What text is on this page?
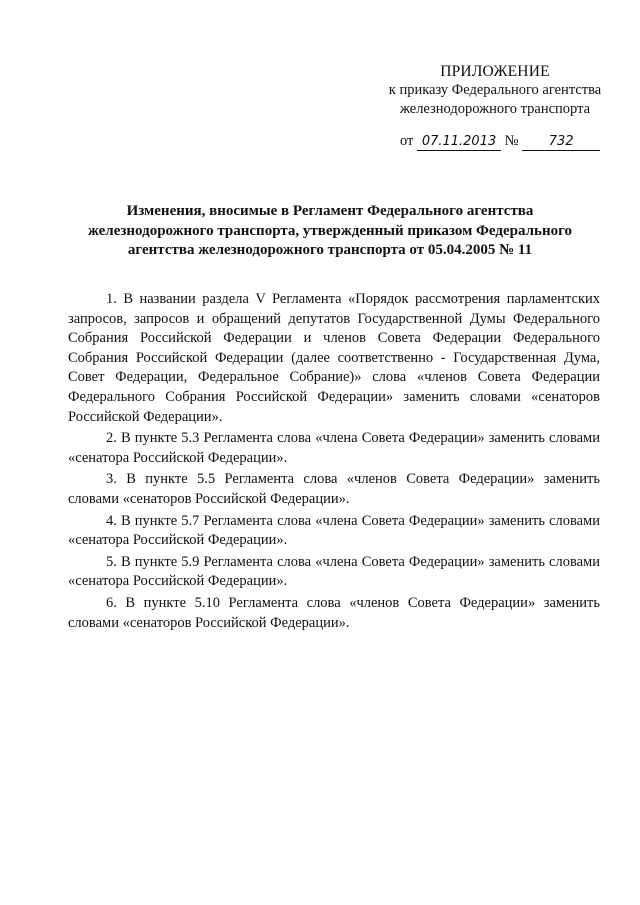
ПРИЛОЖЕНИЕ
к приказу Федерального агентства
железнодорожного транспорта
от 07.11.2013 № 732
Изменения, вносимые в Регламент Федерального агентства железнодорожного транспорта, утвержденный приказом Федерального агентства железнодорожного транспорта от 05.04.2005 № 11

1. В названии раздела V Регламента «Порядок рассмотрения парламентских запросов, запросов и обращений депутатов Государственной Думы Федерального Собрания Российской Федерации и членов Совета Федерации Федерального Собрания Российской Федерации (далее соответственно - Государственная Дума, Совет Федерации, Федеральное Собрание)» слова «членов Совета Федерации Федерального Собрания Российской Федерации» заменить словами «сенаторов Российской Федерации».

2. В пункте 5.3 Регламента слова «члена Совета Федерации» заменить словами «сенатора Российской Федерации».

3. В пункте 5.5 Регламента слова «членов Совета Федерации» заменить словами «сенаторов Российской Федерации».

4. В пункте 5.7 Регламента слова «члена Совета Федерации» заменить словами «сенатора Российской Федерации».

5. В пункте 5.9 Регламента слова «члена Совета Федерации» заменить словами «сенатора Российской Федерации».

6. В пункте 5.10 Регламента слова «членов Совета Федерации» заменить словами «сенаторов Российской Федерации».
